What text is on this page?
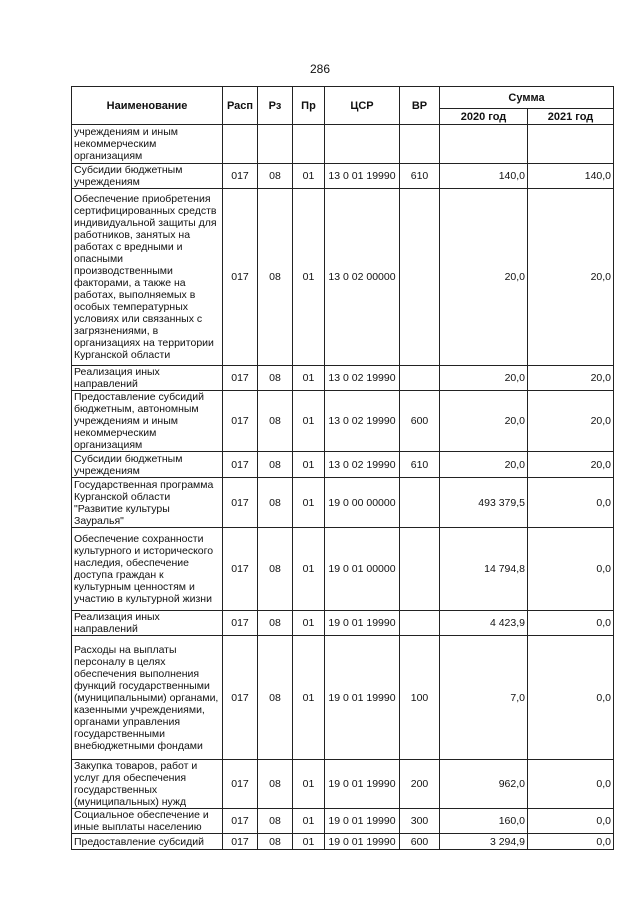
286
Наименование	Расп	Рз	Пр	ЦСР	ВР	Сумма	
						2020 год	2021 год
учреждениям и иным некоммерческим организациям							
Субсидии бюджетным учреждениям	017	08	01	13 0 01 19990	610	140,0	140,0
Обеспечение приобретения сертифицированных средств индивидуальной защиты для работников, занятых на работах с вредными и опасными производственными факторами, а также на работах, выполняемых в особых температурных условиях или связанных с загрязнениями, в организациях на территории Курганской области	017	08	01	13 0 02 00000		20,0	20,0
Реализация иных направлений	017	08	01	13 0 02 19990		20,0	20,0
Предоставление субсидий бюджетным, автономным учреждениям и иным некоммерческим организациям	017	08	01	13 0 02 19990	600	20,0	20,0
Субсидии бюджетным учреждениям	017	08	01	13 0 02 19990	610	20,0	20,0
Государственная программа Курганской области "Развитие культуры Зауралья"	017	08	01	19 0 00 00000		493 379,5	0,0
Обеспечение сохранности культурного и исторического наследия, обеспечение доступа граждан к культурным ценностям и участию в культурной жизни	017	08	01	19 0 01 00000		14 794,8	0,0
Реализация иных направлений	017	08	01	19 0 01 19990		4 423,9	0,0
Расходы на выплаты персоналу в целях обеспечения выполнения функций государственными (муниципальными) органами, казенными учреждениями, органами управления государственными внебюджетными фондами	017	08	01	19 0 01 19990	100	7,0	0,0
Закупка товаров, работ и услуг для обеспечения государственных (муниципальных) нужд	017	08	01	19 0 01 19990	200	962,0	0,0
Социальное обеспечение и иные выплаты населению	017	08	01	19 0 01 19990	300	160,0	0,0
Предоставление субсидий	017	08	01	19 0 01 19990	600	3 294,9	0,0
